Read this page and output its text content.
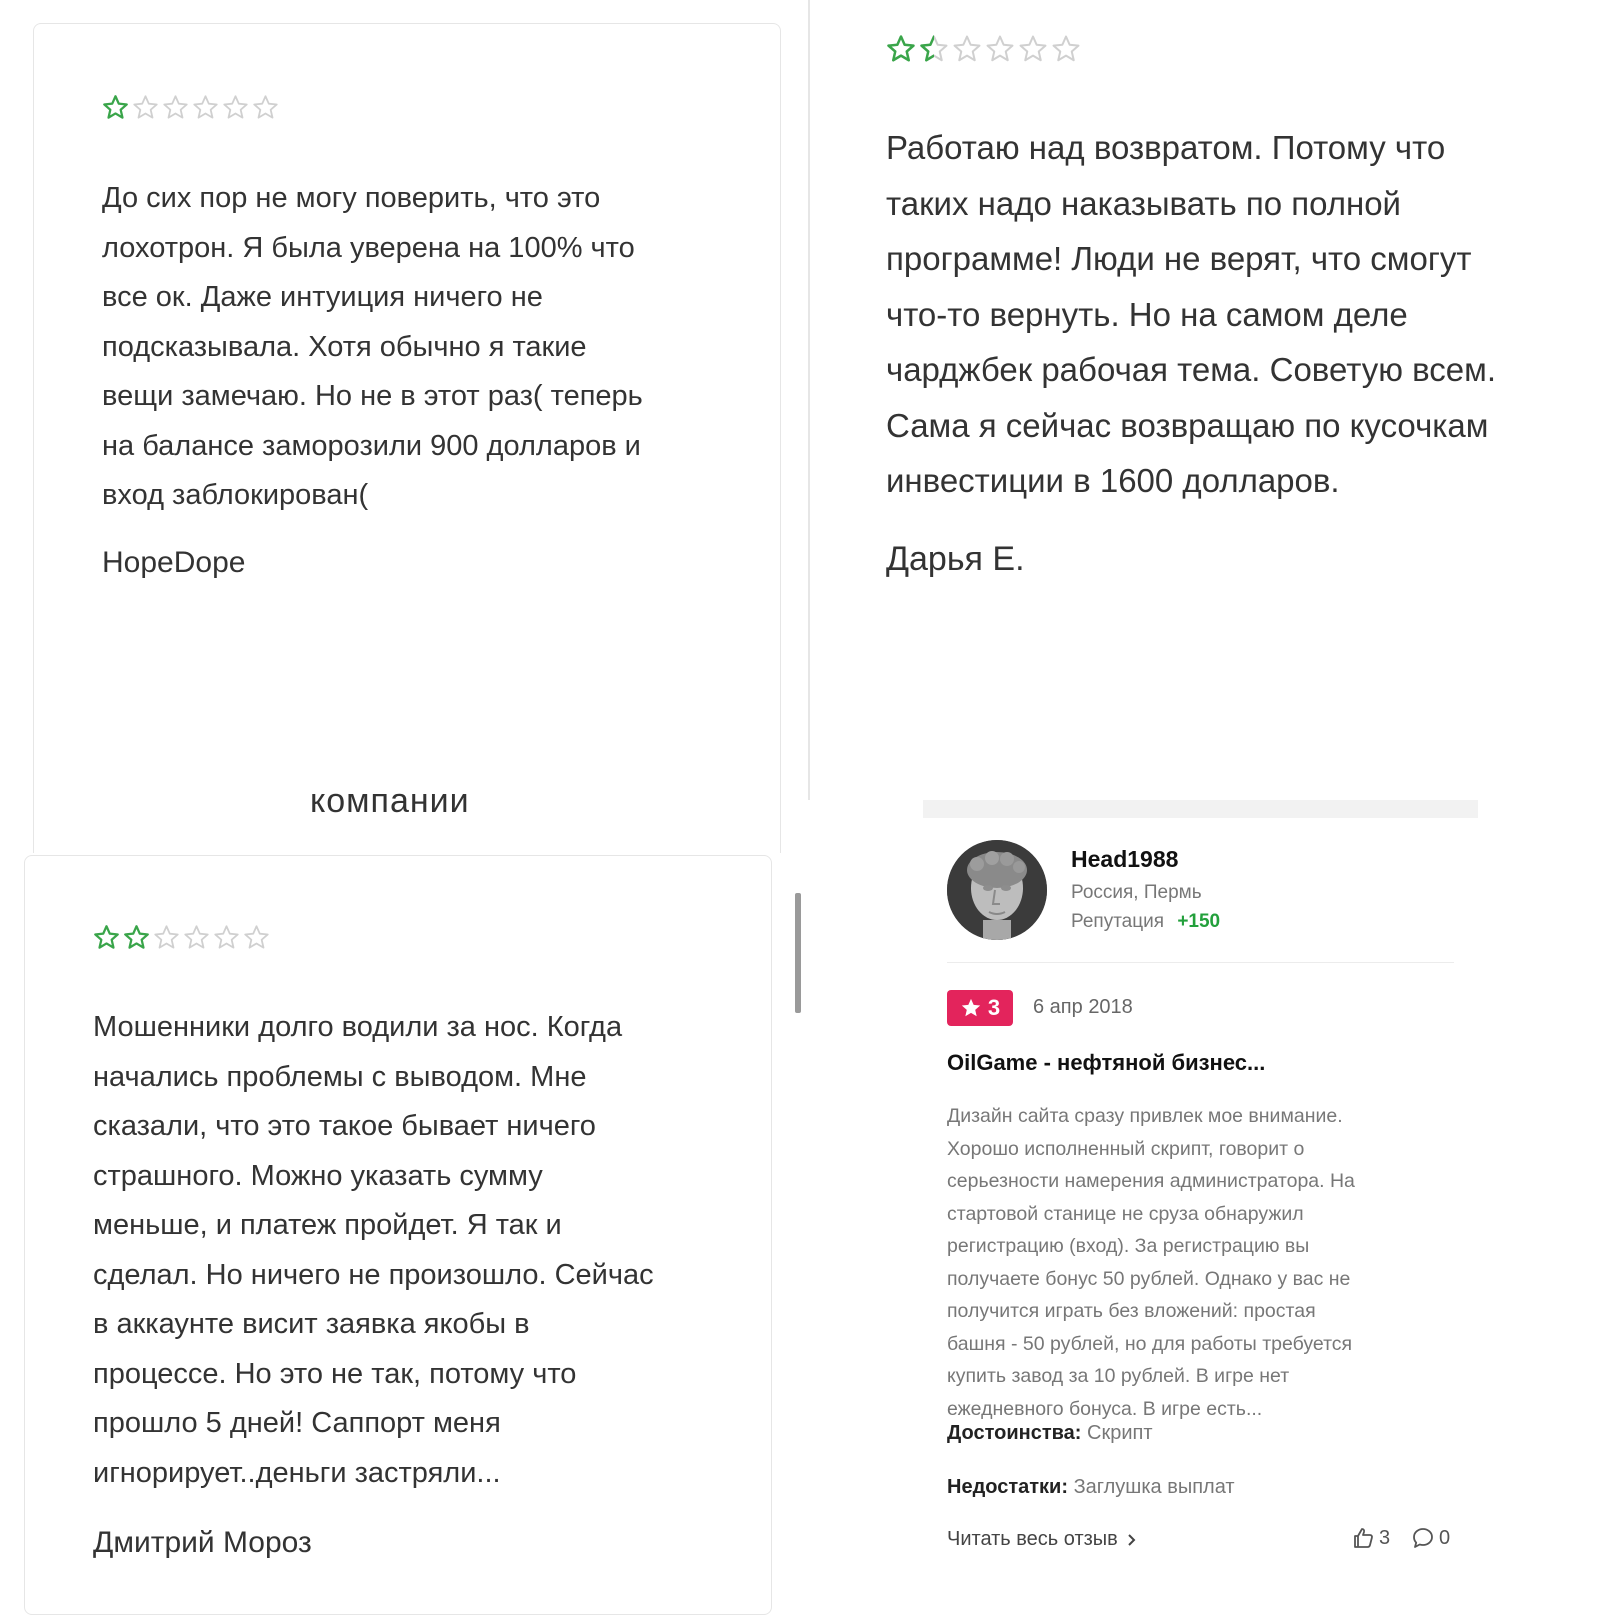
До сих пор не могу поверить, что это
лохотрон. Я была уверена на 100% что
все ок. Даже интуиция ничего не
подсказывала. Хотя обычно я такие
вещи замечаю. Но не в этот раз( теперь
на балансе заморозили 900 долларов и
вход заблокирован(
HopeDope
Работаю над возвратом. Потому что
таких надо наказывать по полной
программе! Люди не верят, что смогут
что-то вернуть. Но на самом деле
чарджбек рабочая тема. Советую всем.
Сама я сейчас возвращаю по кусочкам
инвестиции в 1600 долларов.
Дарья Е.
компании
Мошенники долго водили за нос. Когда
начались проблемы с выводом. Мне
сказали, что это такое бывает ничего
страшного. Можно указать сумму
меньше, и платеж пройдет. Я так и
сделал. Но ничего не произошло. Сейчас
в аккаунте висит заявка якобы в
процессе. Но это не так, потому что
прошло 5 дней! Саппорт меня
игнорирует..деньги застряли...
Дмитрий Мороз
Head1988
Россия, Пермь
Репутация +150
3 6 апр 2018
OilGame - нефтяной бизнес...
Дизайн сайта сразу привлек мое внимание.
Хорошо исполненный скрипт, говорит о
серьезности намерения администратора. На
стартовой станице не сруза обнаружил
регистрацию (вход). За регистрацию вы
получаете бонус 50 рублей. Однако у вас не
получится играть без вложений: простая
башня - 50 рублей, но для работы требуется
купить завод за 10 рублей. В игре нет
ежедневного бонуса. В игре есть...
Достоинства: Скрипт
Недостатки: Заглушка выплат
Читать весь отзыв	3 0
